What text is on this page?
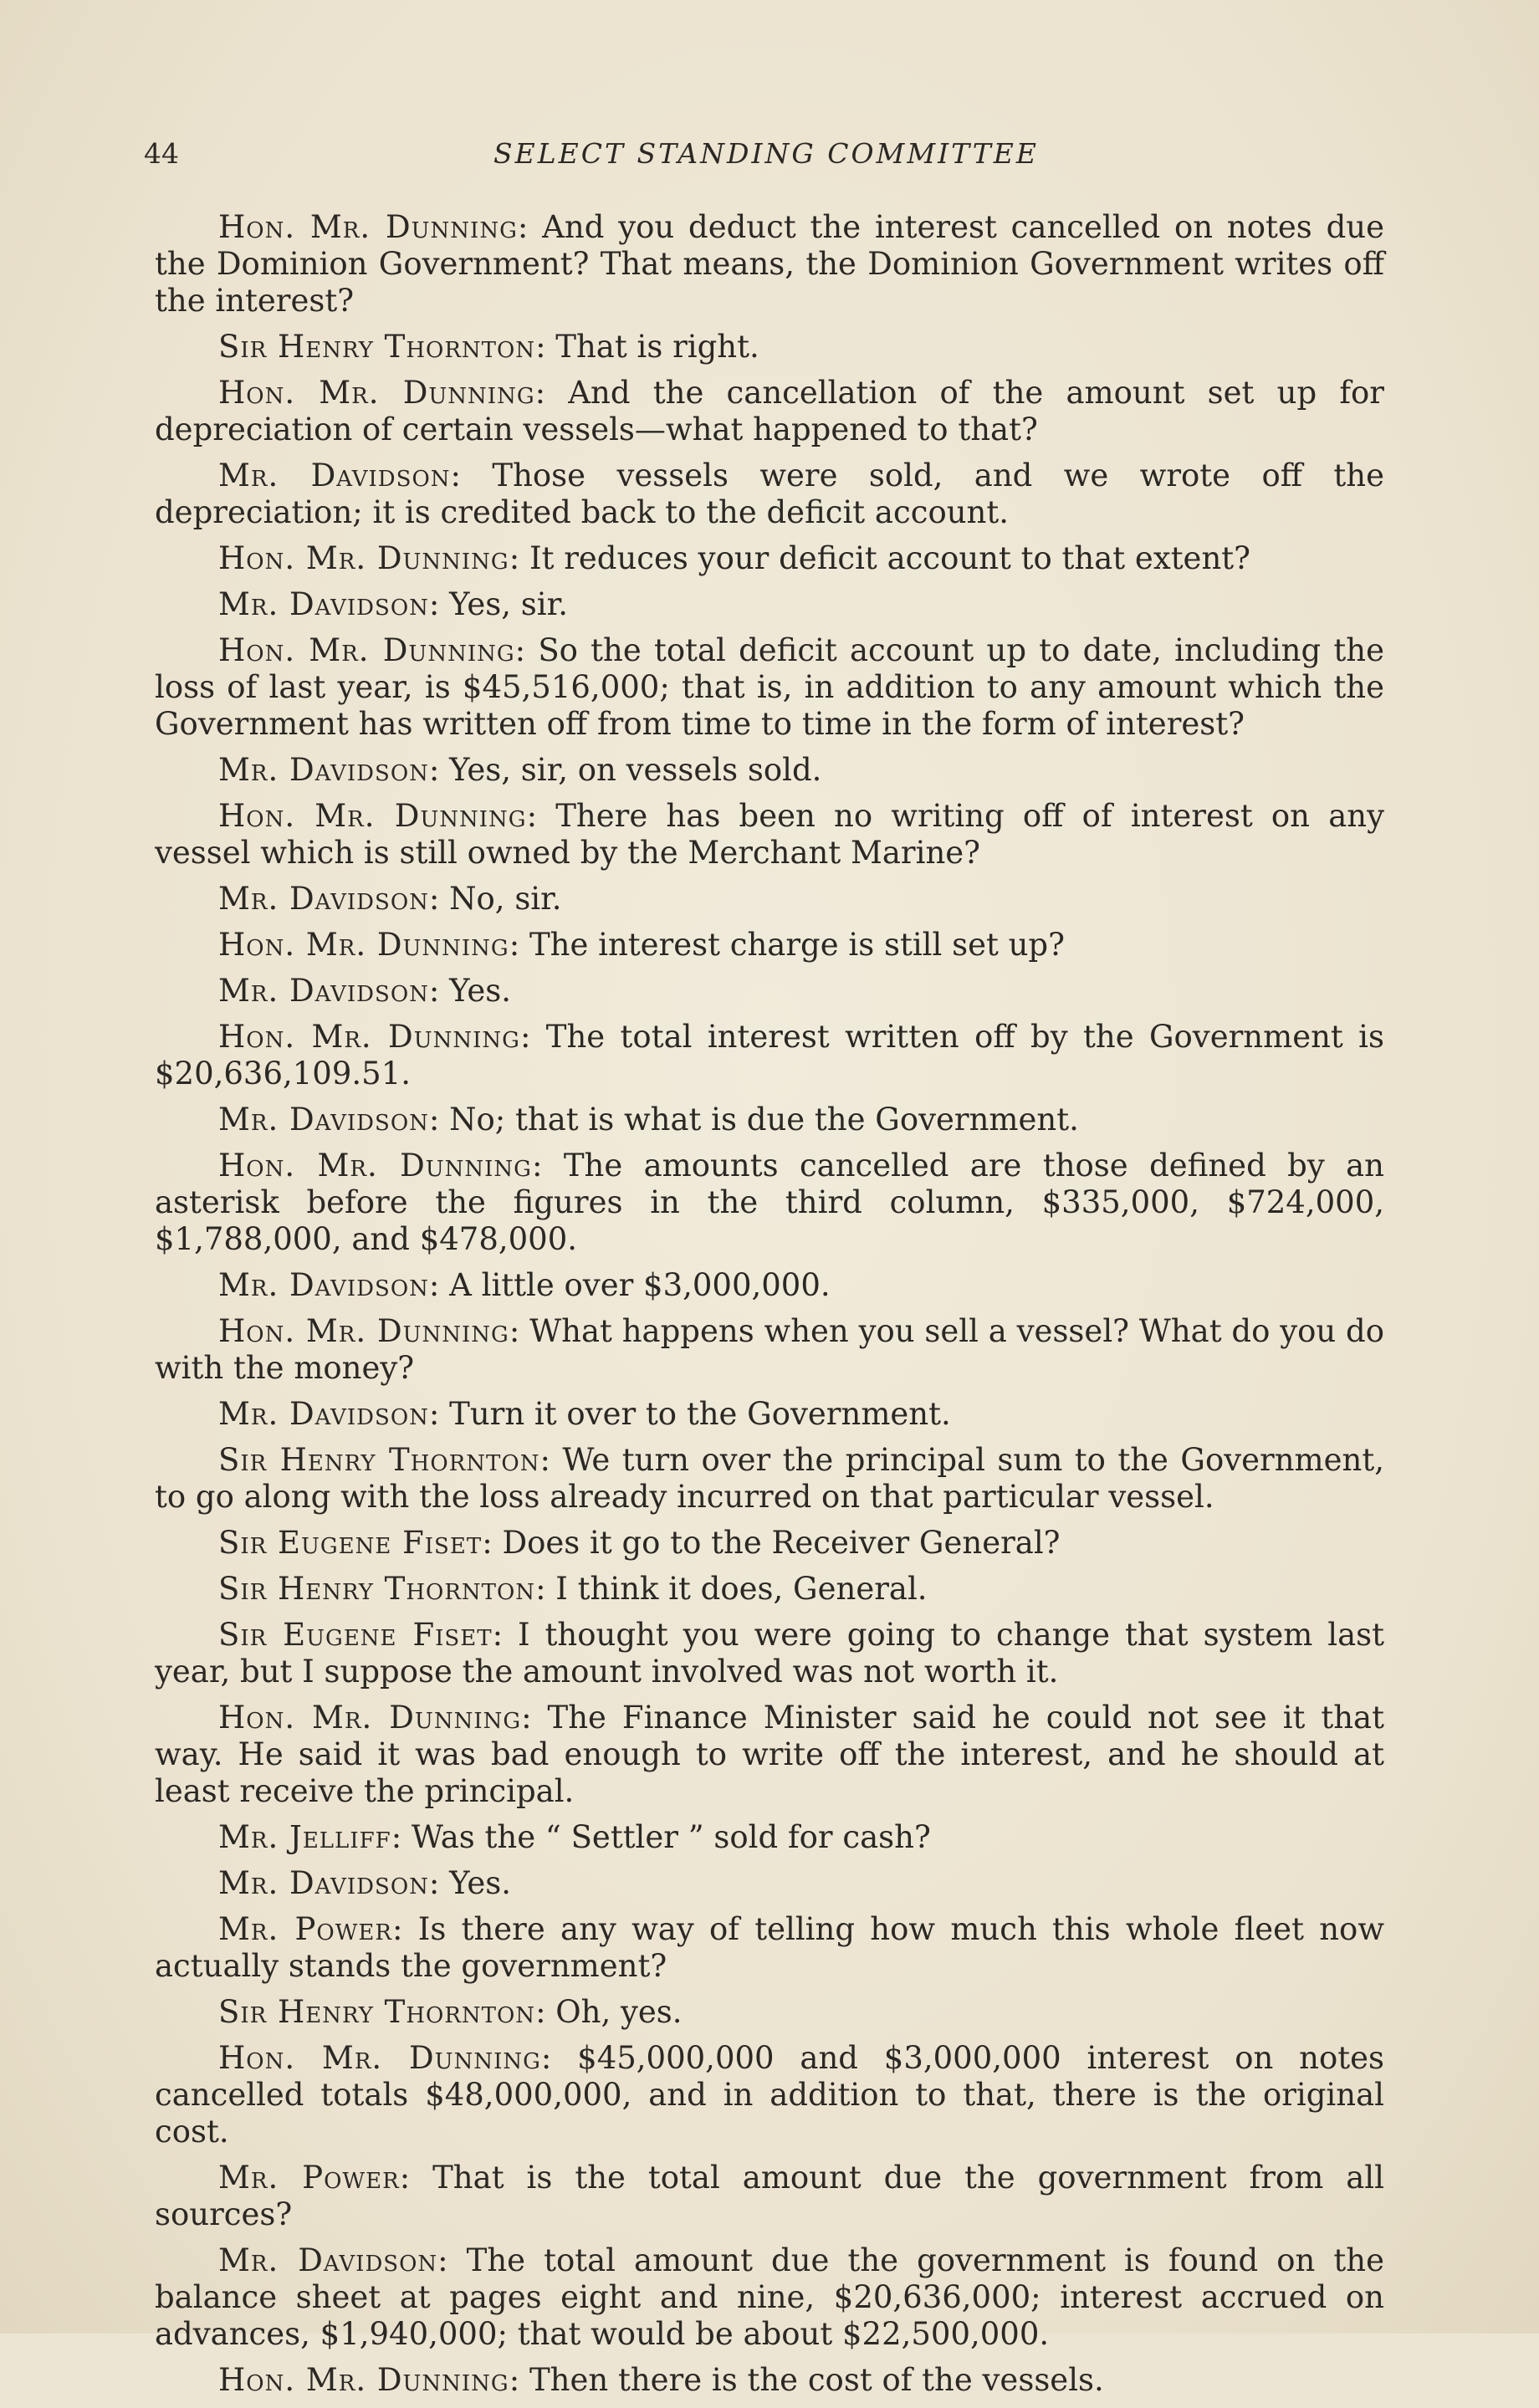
44	SELECT STANDING COMMITTEE

Hon. Mr. Dunning: And you deduct the interest cancelled on notes due the Dominion Government? That means, the Dominion Government writes off the interest?

Sir Henry Thornton: That is right.

Hon. Mr. Dunning: And the cancellation of the amount set up for depreciation of certain vessels—what happened to that?

Mr. Davidson: Those vessels were sold, and we wrote off the depreciation; it is credited back to the deficit account.

Hon. Mr. Dunning: It reduces your deficit account to that extent?

Mr. Davidson: Yes, sir.

Hon. Mr. Dunning: So the total deficit account up to date, including the loss of last year, is $45,516,000; that is, in addition to any amount which the Government has written off from time to time in the form of interest?

Mr. Davidson: Yes, sir, on vessels sold.

Hon. Mr. Dunning: There has been no writing off of interest on any vessel which is still owned by the Merchant Marine?

Mr. Davidson: No, sir.

Hon. Mr. Dunning: The interest charge is still set up?

Mr. Davidson: Yes.

Hon. Mr. Dunning: The total interest written off by the Government is $20,636,109.51.

Mr. Davidson: No; that is what is due the Government.

Hon. Mr. Dunning: The amounts cancelled are those defined by an asterisk before the figures in the third column, $335,000, $724,000, $1,788,000, and $478,000.

Mr. Davidson: A little over $3,000,000.

Hon. Mr. Dunning: What happens when you sell a vessel? What do you do with the money?

Mr. Davidson: Turn it over to the Government.

Sir Henry Thornton: We turn over the principal sum to the Government, to go along with the loss already incurred on that particular vessel.

Sir Eugene Fiset: Does it go to the Receiver General?

Sir Henry Thornton: I think it does, General.

Sir Eugene Fiset: I thought you were going to change that system last year, but I suppose the amount involved was not worth it.

Hon. Mr. Dunning: The Finance Minister said he could not see it that way. He said it was bad enough to write off the interest, and he should at least receive the principal.

Mr. Jelliff: Was the “ Settler ” sold for cash?

Mr. Davidson: Yes.

Mr. Power: Is there any way of telling how much this whole fleet now actually stands the government?

Sir Henry Thornton: Oh, yes.

Hon. Mr. Dunning: $45,000,000 and $3,000,000 interest on notes cancelled totals $48,000,000, and in addition to that, there is the original cost.

Mr. Power: That is the total amount due the government from all sources?

Mr. Davidson: The total amount due the government is found on the balance sheet at pages eight and nine, $20,636,000; interest accrued on advances, $1,940,000; that would be about $22,500,000.

Hon. Mr. Dunning: Then there is the cost of the vessels.
